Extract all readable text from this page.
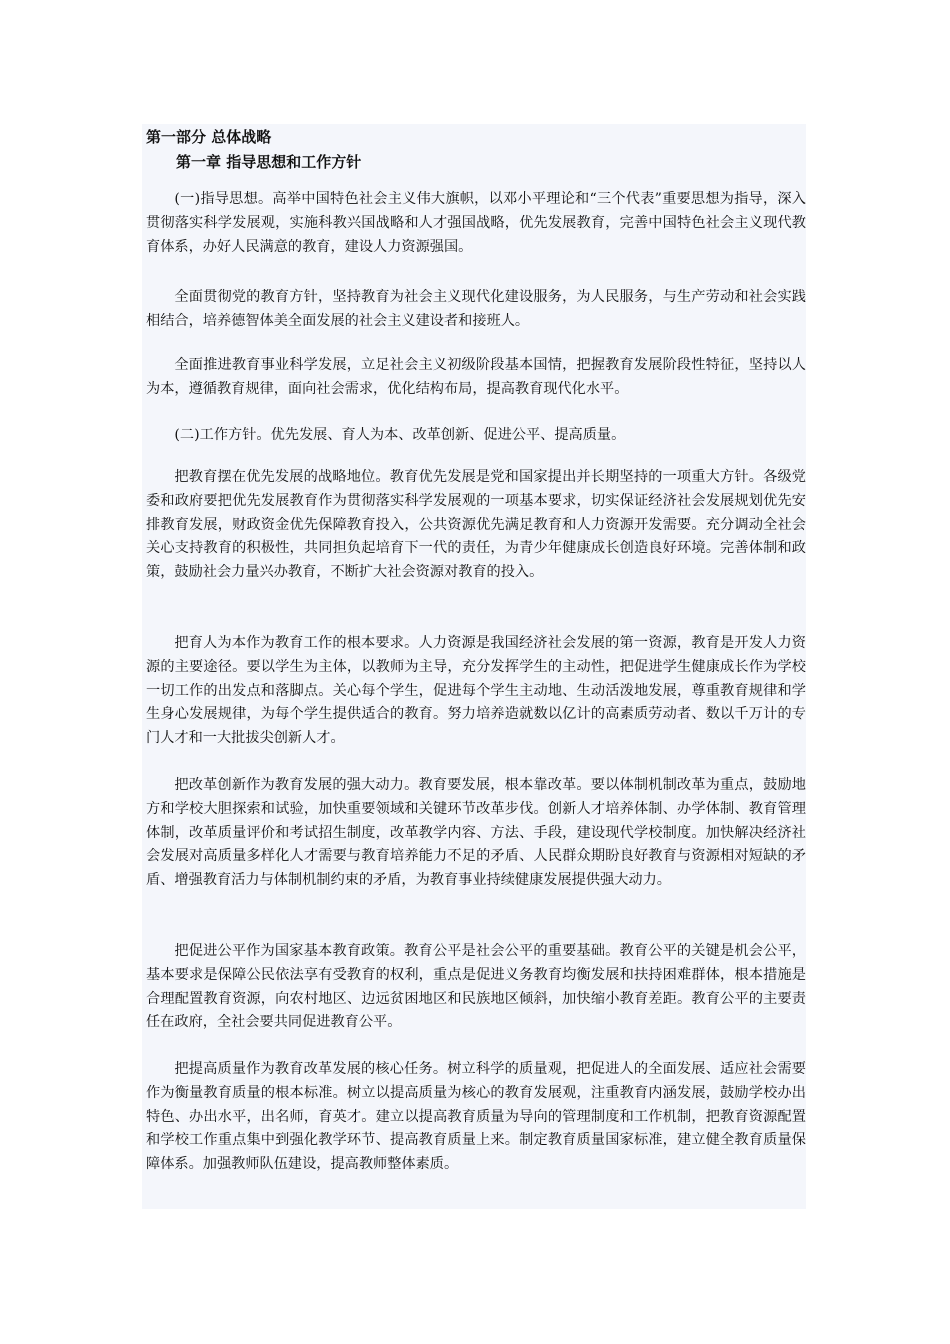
第一部分 总体战略
第一章 指导思想和工作方针

(一)指导思想。高举中国特色社会主义伟大旗帜，以邓小平理论和“三个代表”重要思想为指导，深入贯彻落实科学发展观，实施科教兴国战略和人才强国战略，优先发展教育，完善中国特色社会主义现代教育体系，办好人民满意的教育，建设人力资源强国。

全面贯彻党的教育方针，坚持教育为社会主义现代化建设服务，为人民服务，与生产劳动和社会实践相结合，培养德智体美全面发展的社会主义建设者和接班人。

全面推进教育事业科学发展，立足社会主义初级阶段基本国情，把握教育发展阶段性特征，坚持以人为本，遵循教育规律，面向社会需求，优化结构布局，提高教育现代化水平。

(二)工作方针。优先发展、育人为本、改革创新、促进公平、提高质量。

把教育摆在优先发展的战略地位。教育优先发展是党和国家提出并长期坚持的一项重大方针。各级党委和政府要把优先发展教育作为贯彻落实科学发展观的一项基本要求，切实保证经济社会发展规划优先安排教育发展，财政资金优先保障教育投入，公共资源优先满足教育和人力资源开发需要。充分调动全社会关心支持教育的积极性，共同担负起培育下一代的责任，为青少年健康成长创造良好环境。完善体制和政策，鼓励社会力量兴办教育，不断扩大社会资源对教育的投入。

把育人为本作为教育工作的根本要求。人力资源是我国经济社会发展的第一资源，教育是开发人力资源的主要途径。要以学生为主体，以教师为主导，充分发挥学生的主动性，把促进学生健康成长作为学校一切工作的出发点和落脚点。关心每个学生，促进每个学生主动地、生动活泼地发展，尊重教育规律和学生身心发展规律，为每个学生提供适合的教育。努力培养造就数以亿计的高素质劳动者、数以千万计的专门人才和一大批拔尖创新人才。

把改革创新作为教育发展的强大动力。教育要发展，根本靠改革。要以体制机制改革为重点，鼓励地方和学校大胆探索和试验，加快重要领域和关键环节改革步伐。创新人才培养体制、办学体制、教育管理体制，改革质量评价和考试招生制度，改革教学内容、方法、手段，建设现代学校制度。加快解决经济社会发展对高质量多样化人才需要与教育培养能力不足的矛盾、人民群众期盼良好教育与资源相对短缺的矛盾、增强教育活力与体制机制约束的矛盾，为教育事业持续健康发展提供强大动力。

把促进公平作为国家基本教育政策。教育公平是社会公平的重要基础。教育公平的关键是机会公平，基本要求是保障公民依法享有受教育的权利，重点是促进义务教育均衡发展和扶持困难群体，根本措施是合理配置教育资源，向农村地区、边远贫困地区和民族地区倾斜，加快缩小教育差距。教育公平的主要责任在政府，全社会要共同促进教育公平。

把提高质量作为教育改革发展的核心任务。树立科学的质量观，把促进人的全面发展、适应社会需要作为衡量教育质量的根本标准。树立以提高质量为核心的教育发展观，注重教育内涵发展，鼓励学校办出特色、办出水平，出名师，育英才。建立以提高教育质量为导向的管理制度和工作机制，把教育资源配置和学校工作重点集中到强化教学环节、提高教育质量上来。制定教育质量国家标准，建立健全教育质量保障体系。加强教师队伍建设，提高教师整体素质。
